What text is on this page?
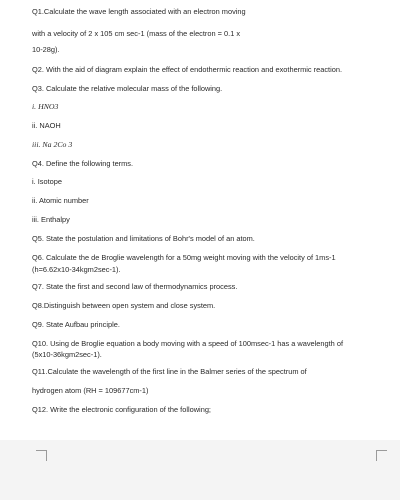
Q1.Calculate the wave length associated with an electron moving
with a velocity of 2 x 105 cm sec-1 (mass of the electron = 0.1 x
10-28g).
Q2. With the aid of diagram explain the effect of endothermic reaction and exothermic reaction.
Q3. Calculate the relative molecular mass of the following.
i. HNO3
ii. NAOH
iii. Na 2Co 3
Q4. Define the following terms.
i. Isotope
ii. Atomic number
iii. Enthalpy
Q5. State the postulation and limitations of Bohr's model of an atom.
Q6. Calculate the de Broglie wavelength for a 50mg weight moving with the velocity of 1ms-1
(h=6.62x10-34kgm2sec-1).
Q7. State the first and second law of thermodynamics process.
Q8.Distinguish between open system and close system.
Q9. State Aufbau principle.
Q10. Using de Broglie equation a body moving with a speed of 100msec-1 has a wavelength of
(5x10-36kgm2sec-1).
Q11.Calculate the wavelength of the first line in the Balmer series of the spectrum of
hydrogen atom (RH = 109677cm-1)
Q12. Write the electronic configuration of the following;
